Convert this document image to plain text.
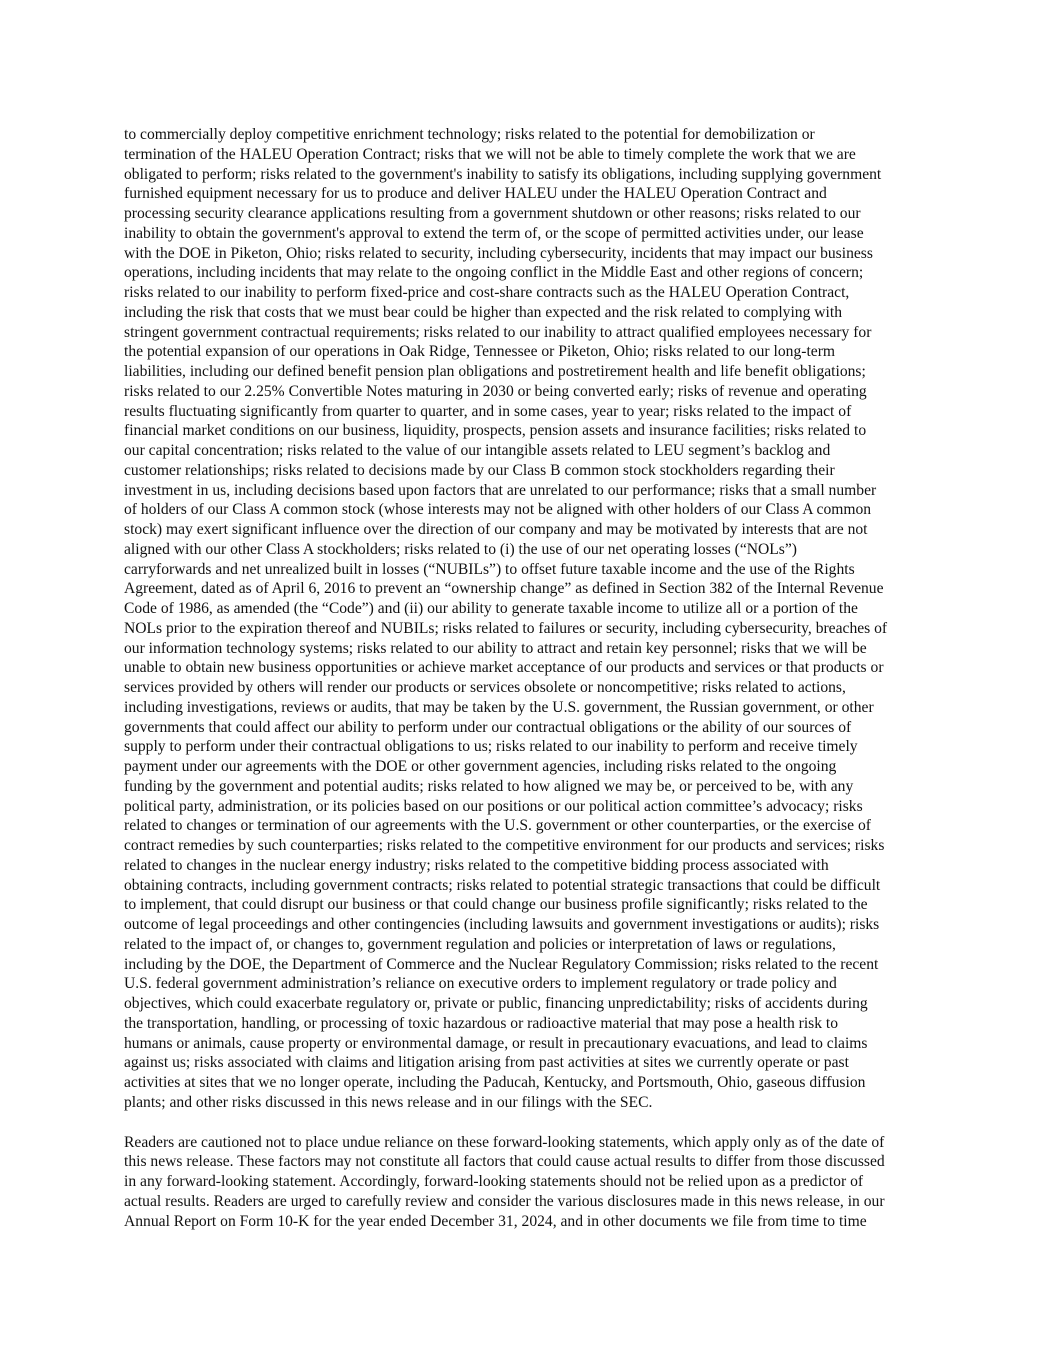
to commercially deploy competitive enrichment technology; risks related to the potential for demobilization or
termination of the HALEU Operation Contract; risks that we will not be able to timely complete the work that we are
obligated to perform; risks related to the government's inability to satisfy its obligations, including supplying government
furnished equipment necessary for us to produce and deliver HALEU under the HALEU Operation Contract and
processing security clearance applications resulting from a government shutdown or other reasons; risks related to our
inability to obtain the government's approval to extend the term of, or the scope of permitted activities under, our lease
with the DOE in Piketon, Ohio; risks related to security, including cybersecurity, incidents that may impact our business
operations, including incidents that may relate to the ongoing conflict in the Middle East and other regions of concern;
risks related to our inability to perform fixed-price and cost-share contracts such as the HALEU Operation Contract,
including the risk that costs that we must bear could be higher than expected and the risk related to complying with
stringent government contractual requirements; risks related to our inability to attract qualified employees necessary for
the potential expansion of our operations in Oak Ridge, Tennessee or Piketon, Ohio; risks related to our long-term
liabilities, including our defined benefit pension plan obligations and postretirement health and life benefit obligations;
risks related to our 2.25% Convertible Notes maturing in 2030 or being converted early; risks of revenue and operating
results fluctuating significantly from quarter to quarter, and in some cases, year to year; risks related to the impact of
financial market conditions on our business, liquidity, prospects, pension assets and insurance facilities; risks related to
our capital concentration; risks related to the value of our intangible assets related to LEU segment’s backlog and
customer relationships; risks related to decisions made by our Class B common stock stockholders regarding their
investment in us, including decisions based upon factors that are unrelated to our performance; risks that a small number
of holders of our Class A common stock (whose interests may not be aligned with other holders of our Class A common
stock) may exert significant influence over the direction of our company and may be motivated by interests that are not
aligned with our other Class A stockholders; risks related to (i) the use of our net operating losses (“NOLs”)
carryforwards and net unrealized built in losses (“NUBILs”) to offset future taxable income and the use of the Rights
Agreement, dated as of April 6, 2016 to prevent an “ownership change” as defined in Section 382 of the Internal Revenue
Code of 1986, as amended (the “Code”) and (ii) our ability to generate taxable income to utilize all or a portion of the
NOLs prior to the expiration thereof and NUBILs; risks related to failures or security, including cybersecurity, breaches of
our information technology systems; risks related to our ability to attract and retain key personnel; risks that we will be
unable to obtain new business opportunities or achieve market acceptance of our products and services or that products or
services provided by others will render our products or services obsolete or noncompetitive; risks related to actions,
including investigations, reviews or audits, that may be taken by the U.S. government, the Russian government, or other
governments that could affect our ability to perform under our contractual obligations or the ability of our sources of
supply to perform under their contractual obligations to us; risks related to our inability to perform and receive timely
payment under our agreements with the DOE or other government agencies, including risks related to the ongoing
funding by the government and potential audits; risks related to how aligned we may be, or perceived to be, with any
political party, administration, or its policies based on our positions or our political action committee’s advocacy; risks
related to changes or termination of our agreements with the U.S. government or other counterparties, or the exercise of
contract remedies by such counterparties; risks related to the competitive environment for our products and services; risks
related to changes in the nuclear energy industry; risks related to the competitive bidding process associated with
obtaining contracts, including government contracts; risks related to potential strategic transactions that could be difficult
to implement, that could disrupt our business or that could change our business profile significantly; risks related to the
outcome of legal proceedings and other contingencies (including lawsuits and government investigations or audits); risks
related to the impact of, or changes to, government regulation and policies or interpretation of laws or regulations,
including by the DOE, the Department of Commerce and the Nuclear Regulatory Commission; risks related to the recent
U.S. federal government administration’s reliance on executive orders to implement regulatory or trade policy and
objectives, which could exacerbate regulatory or, private or public, financing unpredictability; risks of accidents during
the transportation, handling, or processing of toxic hazardous or radioactive material that may pose a health risk to
humans or animals, cause property or environmental damage, or result in precautionary evacuations, and lead to claims
against us; risks associated with claims and litigation arising from past activities at sites we currently operate or past
activities at sites that we no longer operate, including the Paducah, Kentucky, and Portsmouth, Ohio, gaseous diffusion
plants; and other risks discussed in this news release and in our filings with the SEC.

Readers are cautioned not to place undue reliance on these forward-looking statements, which apply only as of the date of
this news release. These factors may not constitute all factors that could cause actual results to differ from those discussed
in any forward-looking statement. Accordingly, forward-looking statements should not be relied upon as a predictor of
actual results. Readers are urged to carefully review and consider the various disclosures made in this news release, in our
Annual Report on Form 10-K for the year ended December 31, 2024, and in other documents we file from time to time
